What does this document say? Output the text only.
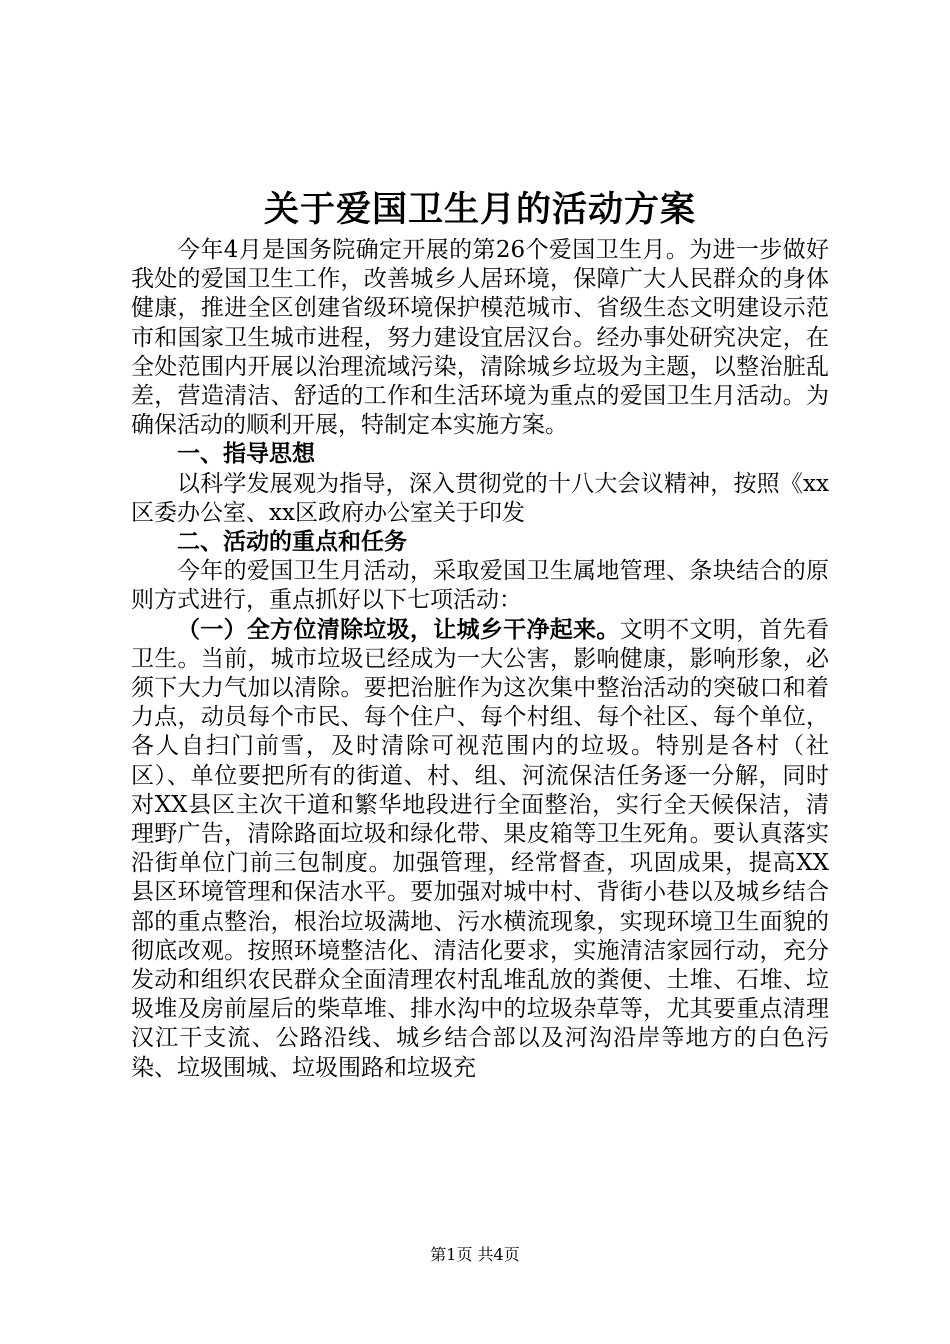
关于爱国卫生月的活动方案

今年4月是国务院确定开展的第26个爱国卫生月。为进一步做好我处的爱国卫生工作，改善城乡人居环境，保障广大人民群众的身体健康，推进全区创建省级环境保护模范城市、省级生态文明建设示范市和国家卫生城市进程，努力建设宜居汉台。经办事处研究决定，在全处范围内开展以治理流域污染，清除城乡垃圾为主题，以整治脏乱差，营造清洁、舒适的工作和生活环境为重点的爱国卫生月活动。为确保活动的顺利开展，特制定本实施方案。

一、指导思想

以科学发展观为指导，深入贯彻党的十八大会议精神，按照《xx区委办公室、xx区政府办公室关于印发

二、活动的重点和任务

今年的爱国卫生月活动，采取爱国卫生属地管理、条块结合的原则方式进行，重点抓好以下七项活动：

（一）全方位清除垃圾，让城乡干净起来。文明不文明，首先看卫生。当前，城市垃圾已经成为一大公害，影响健康，影响形象，必须下大力气加以清除。要把治脏作为这次集中整治活动的突破口和着力点，动员每个市民、每个住户、每个村组、每个社区、每个单位，各人自扫门前雪，及时清除可视范围内的垃圾。特别是各村（社区）、单位要把所有的街道、村、组、河流保洁任务逐一分解，同时对XX县区主次干道和繁华地段进行全面整治，实行全天候保洁，清理野广告，清除路面垃圾和绿化带、果皮箱等卫生死角。要认真落实沿街单位门前三包制度。加强管理，经常督查，巩固成果，提高XX县区环境管理和保洁水平。要加强对城中村、背街小巷以及城乡结合部的重点整治，根治垃圾满地、污水横流现象，实现环境卫生面貌的彻底改观。按照环境整洁化、清洁化要求，实施清洁家园行动，充分发动和组织农民群众全面清理农村乱堆乱放的粪便、土堆、石堆、垃圾堆及房前屋后的柴草堆、排水沟中的垃圾杂草等，尤其要重点清理汉江干支流、公路沿线、城乡结合部以及河沟沿岸等地方的白色污染、垃圾围城、垃圾围路和垃圾充

第1页 共4页
